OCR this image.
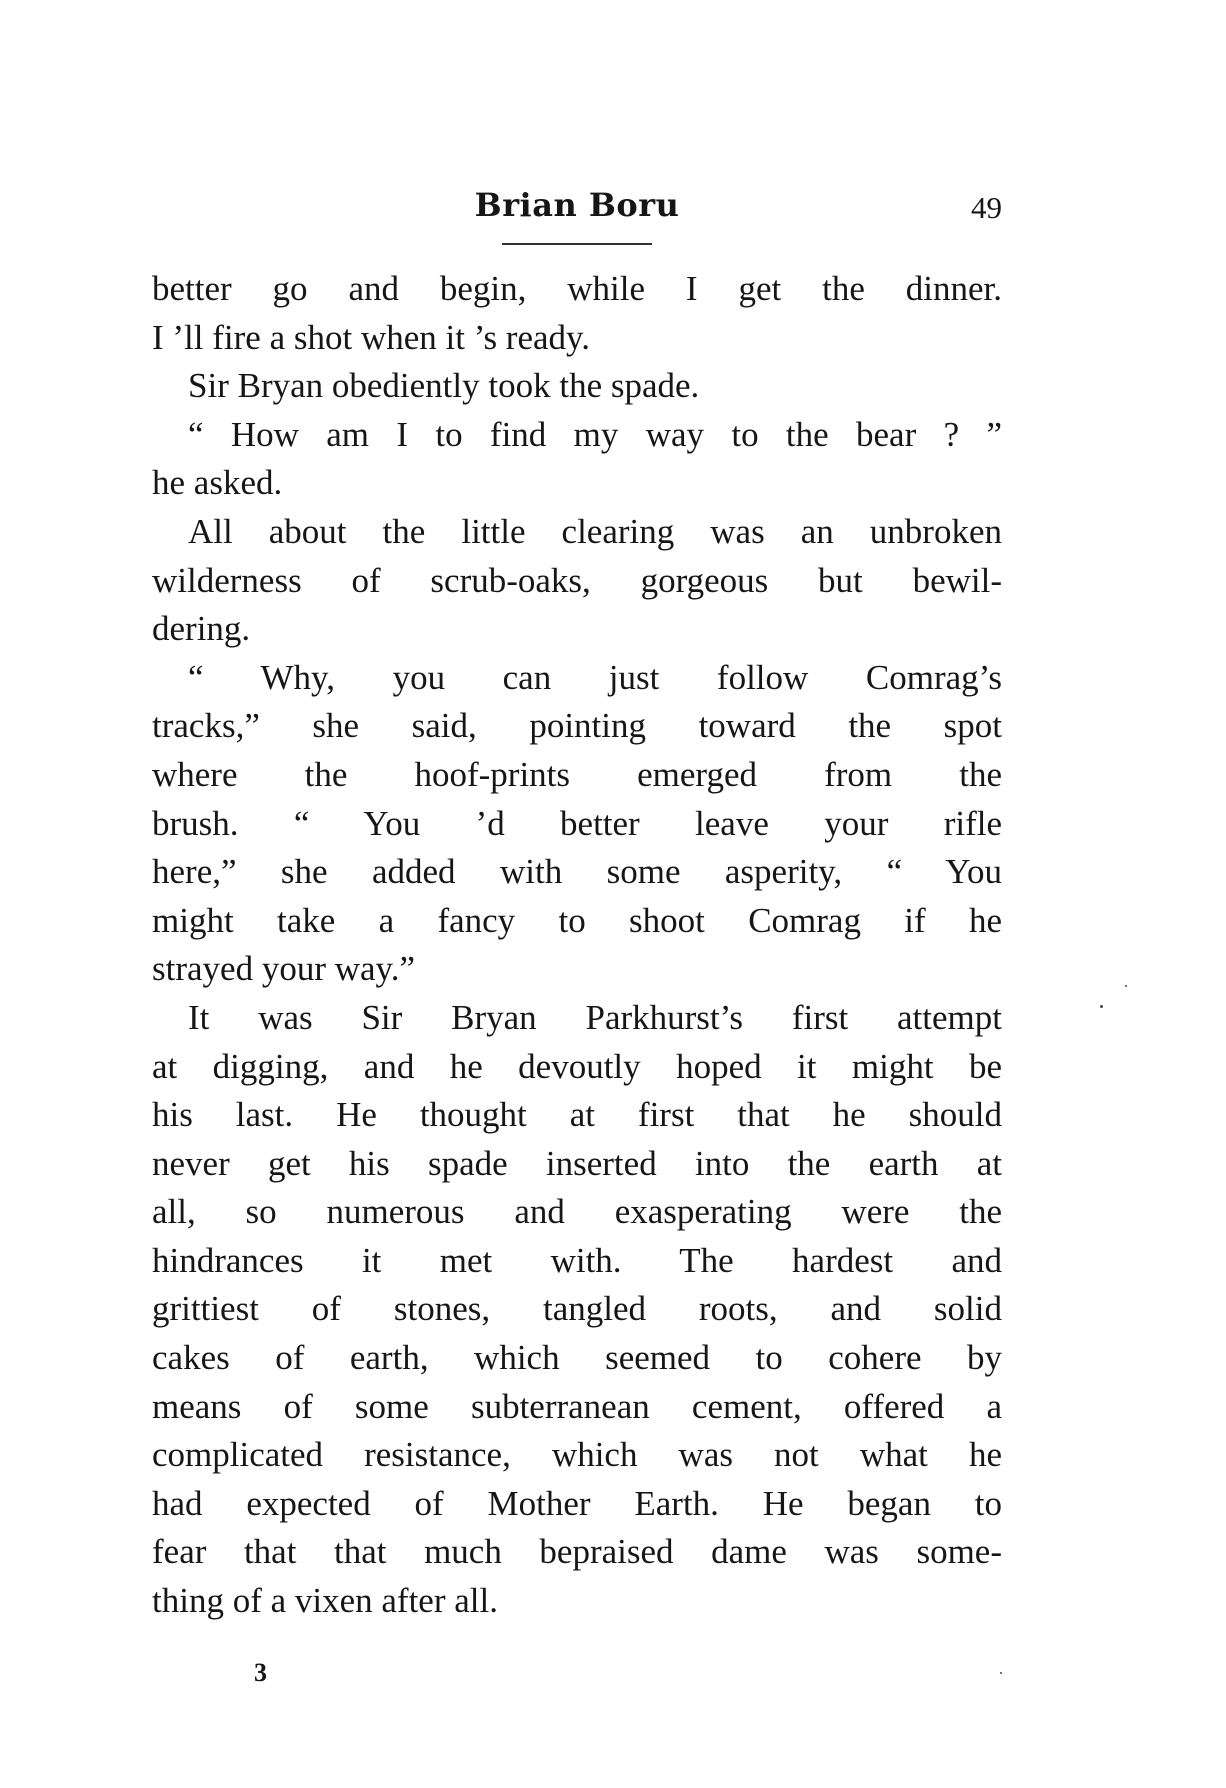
Brian Boru	49
better go and begin, while I get the dinner.
I ’ll fire a shot when it ’s ready.
Sir Bryan obediently took the spade.
“ How am I to find my way to the bear ? ”
he asked.
All about the little clearing was an unbroken
wilderness of scrub-oaks, gorgeous but bewil-
dering.
“ Why, you can just follow Comrag’s
tracks,” she said, pointing toward the spot
where the hoof-prints emerged from the
brush. “ You ’d better leave your rifle
here,” she added with some asperity, “ You
might take a fancy to shoot Comrag if he
strayed your way.”
It was Sir Bryan Parkhurst’s first attempt
at digging, and he devoutly hoped it might be
his last. He thought at first that he should
never get his spade inserted into the earth at
all, so numerous and exasperating were the
hindrances it met with. The hardest and
grittiest of stones, tangled roots, and solid
cakes of earth, which seemed to cohere by
means of some subterranean cement, offered a
complicated resistance, which was not what he
had expected of Mother Earth. He began to
fear that that much bepraised dame was some-
thing of a vixen after all.
3
